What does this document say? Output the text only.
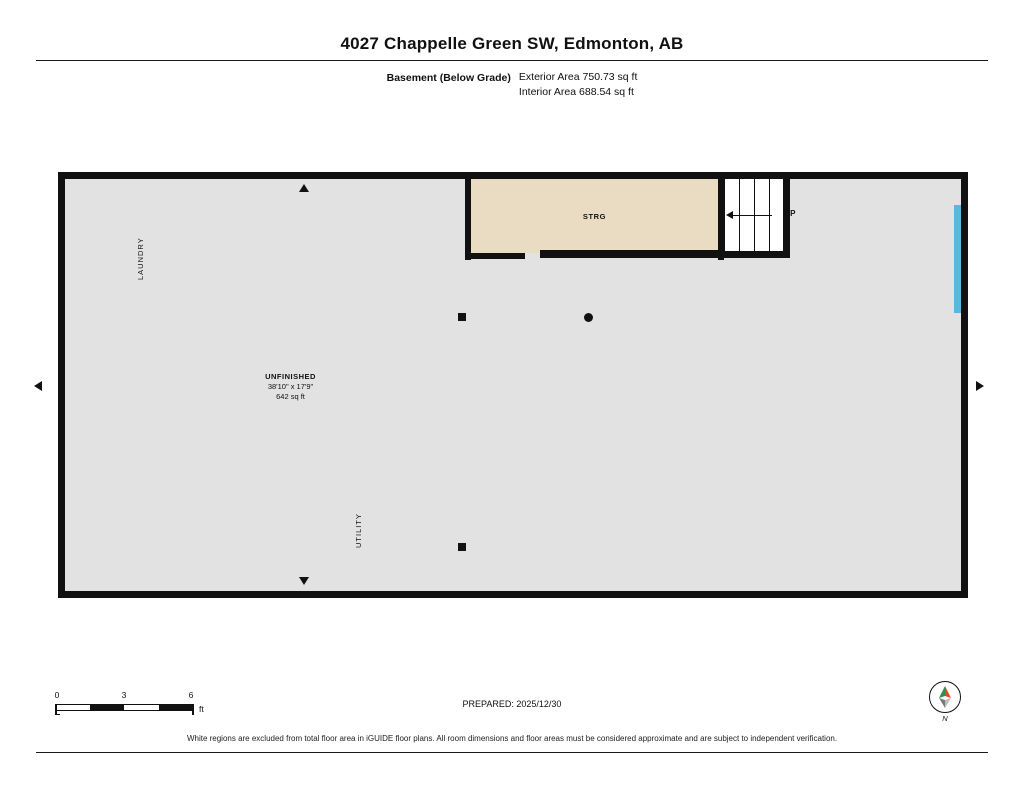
4027 Chappelle Green SW, Edmonton, AB
Basement (Below Grade) Exterior Area 750.73 sq ft
Interior Area 688.54 sq ft
STRG	UP
LAUNDRY
UTILITY
UNFINISHED
38'10" x 17'9"
642 sq ft
0	3	6
ft	PREPARED: 2025/12/30
N
White regions are excluded from total floor area in iGUIDE floor plans. All room dimensions and floor areas must be considered approximate and are subject to independent verification.
